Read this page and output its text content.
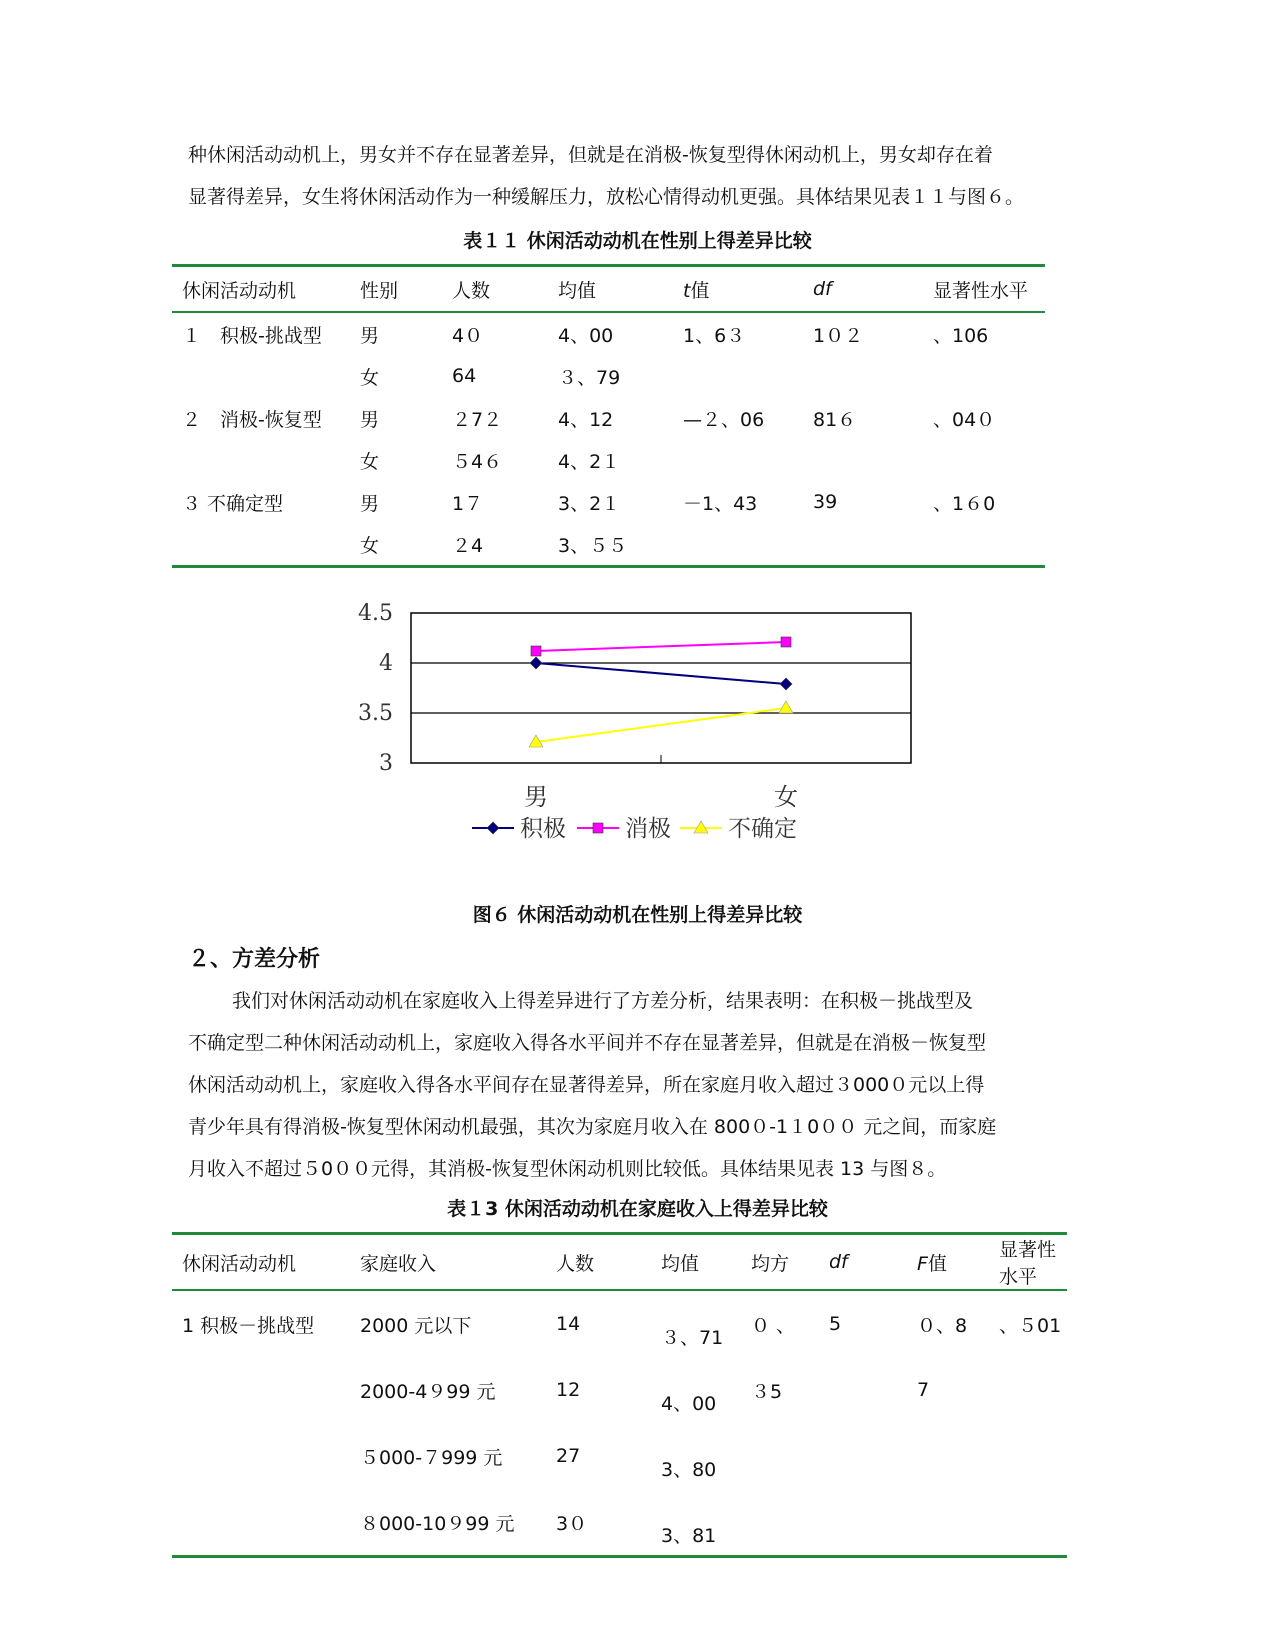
种休闲活动动机上，男女并不存在显著差异，但就是在消极-恢复型得休闲动机上，男女却存在着
显著得差异，女生将休闲活动作为一种缓解压力，放松心情得动机更强。具体结果见表１１与图６。
表１１ 休闲活动动机在性别上得差异比较
休闲活动动机	性别	人数	均值	t值	df	显著性水平
１　积极-挑战型	男	4０	4、00	1、6３	1０２	、106
	女	64	３、79			
２　消极-恢复型	男	２7２	4、12	—２、06	81６	、04０
	女	５4６	4、2１			
３ 不确定型	男	1７	3、2１	－1、43	39	、1６0
	女	２4	3、５５			
4.5
4
3.5
3
男	女
积极	消极 不确定
图６ 休闲活动动机在性别上得差异比较
２、方差分析
我们对休闲活动动机在家庭收入上得差异进行了方差分析，结果表明：在积极－挑战型及
不确定型二种休闲活动动机上，家庭收入得各水平间并不存在显著差异，但就是在消极－恢复型
休闲活动动机上，家庭收入得各水平间存在显著得差异，所在家庭月收入超过３000０元以上得
青少年具有得消极-恢复型休闲动机最强，其次为家庭月收入在 800０-1１0００ 元之间，而家庭
月收入不超过５0００元得，其消极-恢复型休闲动机则比较低。具体结果见表 13 与图８。
表１3 休闲活动动机在家庭收入上得差异比较
休闲活动动机	家庭收入	人数	均值	均方	df	F值	显著性水平
1 积极－挑战型	2000 元以下	14	３、71	０ 、	5	０、8	、５01
	2000-4９99 元	12	4、00	３5		7	
	５000-７999 元	27	3、80				
	８000-10９99 元	3０	3、81				
